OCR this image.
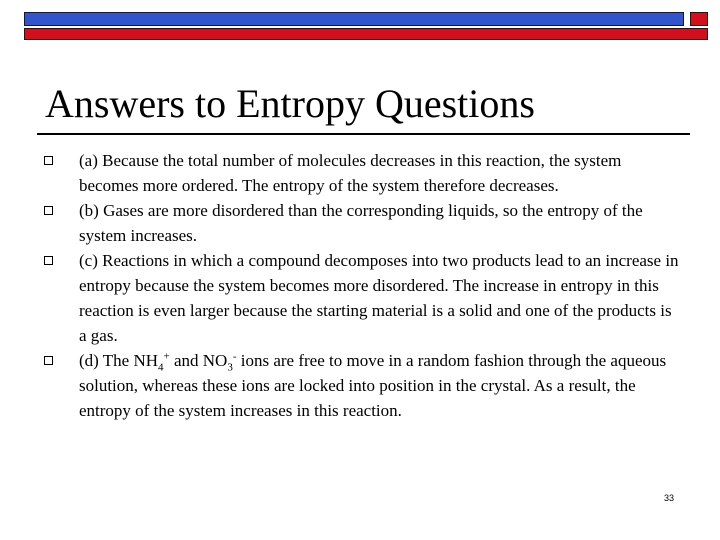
Answers to Entropy Questions
(a) Because the total number of molecules decreases in this reaction, the system becomes more ordered. The entropy of the system therefore decreases.
(b) Gases are more disordered than the corresponding liquids, so the entropy of the system increases.
(c) Reactions in which a compound decomposes into two products lead to an increase in entropy because the system becomes more disordered. The increase in entropy in this reaction is even larger because the starting material is a solid and one of the products is a gas.
(d) The $NH_4^+$ and $NO_3^-$ ions are free to move in a random fashion through the aqueous solution, whereas these ions are locked into position in the crystal. As a result, the entropy of the system increases in this reaction.
33
